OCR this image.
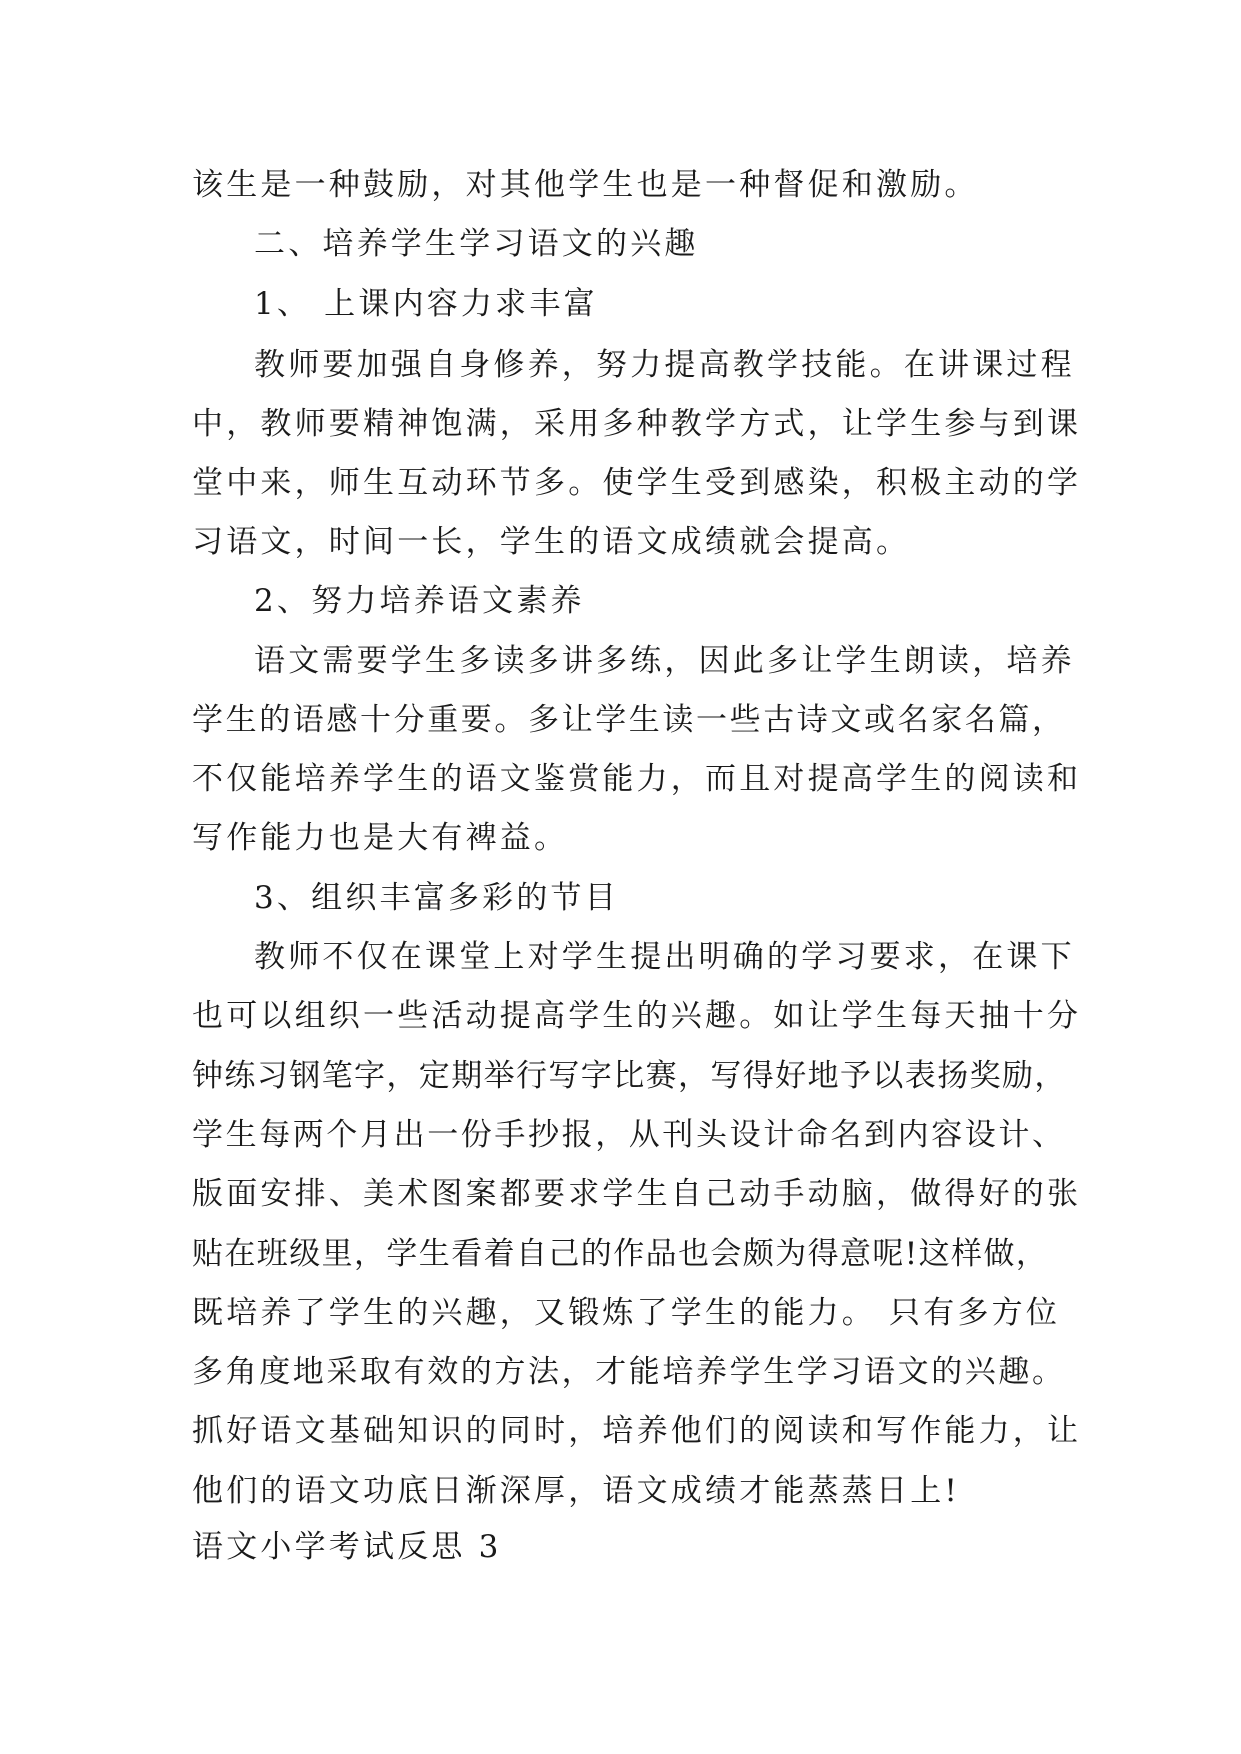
该生是一种鼓励，对其他学生也是一种督促和激励。
二、培养学生学习语文的兴趣
1、 上课内容力求丰富
教师要加强自身修养，努力提高教学技能。在讲课过程
中，教师要精神饱满，采用多种教学方式，让学生参与到课
堂中来，师生互动环节多。使学生受到感染，积极主动的学
习语文，时间一长，学生的语文成绩就会提高。
2、努力培养语文素养
语文需要学生多读多讲多练，因此多让学生朗读，培养
学生的语感十分重要。多让学生读一些古诗文或名家名篇，
不仅能培养学生的语文鉴赏能力，而且对提高学生的阅读和
写作能力也是大有裨益。
3、组织丰富多彩的节目
教师不仅在课堂上对学生提出明确的学习要求，在课下
也可以组织一些活动提高学生的兴趣。如让学生每天抽十分
钟练习钢笔字，定期举行写字比赛，写得好地予以表扬奖励，
学生每两个月出一份手抄报，从刊头设计命名到内容设计、
版面安排、美术图案都要求学生自己动手动脑，做得好的张
贴在班级里，学生看着自己的作品也会颇为得意呢!这样做，
既培养了学生的兴趣，又锻炼了学生的能力。 只有多方位
多角度地采取有效的方法，才能培养学生学习语文的兴趣。
抓好语文基础知识的同时，培养他们的阅读和写作能力，让
他们的语文功底日渐深厚，语文成绩才能蒸蒸日上!
语文小学考试反思 3
